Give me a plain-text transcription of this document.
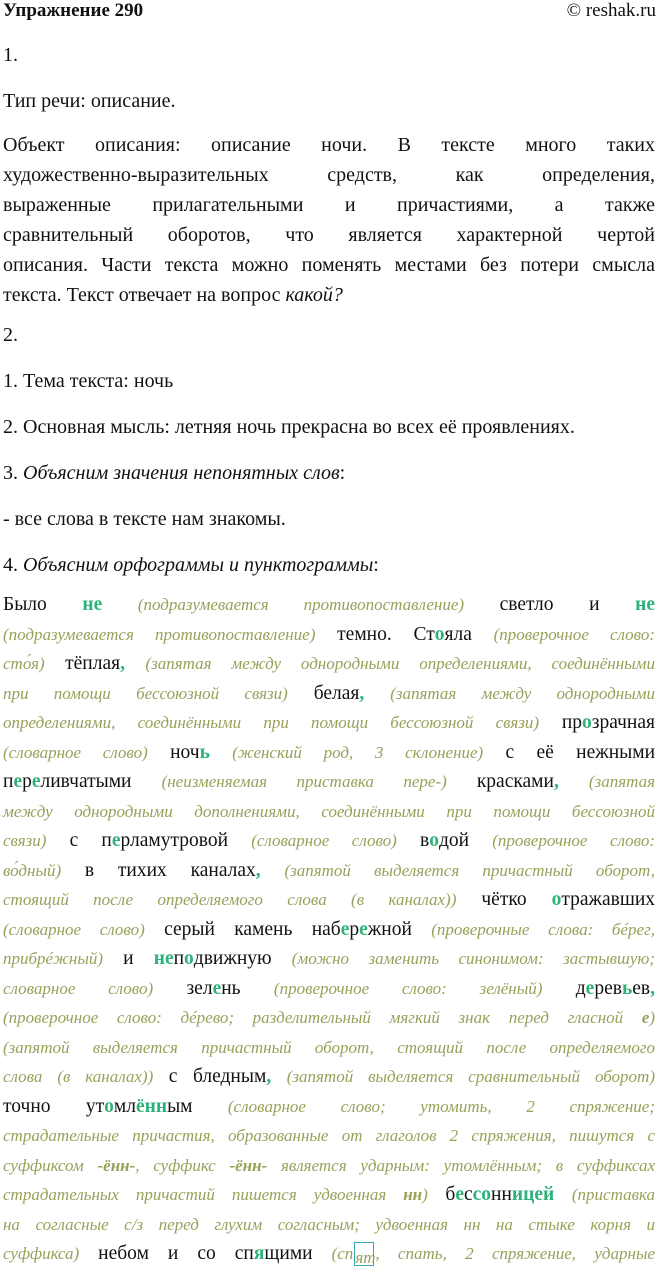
Упражнение 290	© reshak.ru
1.
Тип речи: описание.
Объект описания: описание ночи. В тексте много таких
художественно-выразительных средств, как определения,
выраженные прилагательными и причастиями, а также
сравнительный оборотов, что является характерной чертой
описания. Части текста можно поменять местами без потери смысла
текста. Текст отвечает на вопрос какой?
2.
1. Тема текста: ночь
2. Основная мысль: летняя ночь прекрасна во всех её проявлениях.
3. Объясним значения непонятных слов:
- все слова в тексте нам знакомы.
4. Объясним орфограммы и пунктограммы:
Было не (подразумевается противопоставление) светло и не
(подразумевается противопоставление) темно. Стояла (проверочное слово:
сто́я) тёплая, (запятая между однородными определениями, соединёнными
при помощи бессоюзной связи) белая, (запятая между однородными
определениями, соединёнными при помощи бессоюзной связи) прозрачная
(словарное слово) ночь (женский род, 3 склонение) с её нежными
переливчатыми (неизменяемая приставка пере-) красками, (запятая
между однородными дополнениями, соединёнными при помощи бессоюзной
связи) с перламутровой (словарное слово) водой (проверочное слово:
во́дный) в тихих каналах, (запятой выделяется причастный оборот,
стоящий после определяемого слова (в каналах)) чётко отражавших
(словарное слово) серый камень набережной (проверочные слова: бéрег,
прибрéжный) и неподвижную (можно заменить синонимом: застывшую;
словарное слово) зелень (проверочное слово: зелёный) деревьев,
(проверочное слово: дéрево; разделительный мягкий знак перед гласной е)
(запятой выделяется причастный оборот, стоящий после определяемого
слова (в каналах)) с бледным, (запятой выделяется сравнительный оборот)
точно утомлённым (словарное слово; утомить, 2 спряжение;
страдательные причастия, образованные от глаголов 2 спряжения, пишутся с
суффиксом -ённ-, суффикс -ённ- является ударным: утомлённым; в суффиксах
страдательных причастий пишется удвоенная нн) бессонницей (приставка
на согласные с/з перед глухим согласным; удвоенная нн на стыке корня и
суффикса) небом и со спящими (сп ят, спать, 2 спряжение, ударные
